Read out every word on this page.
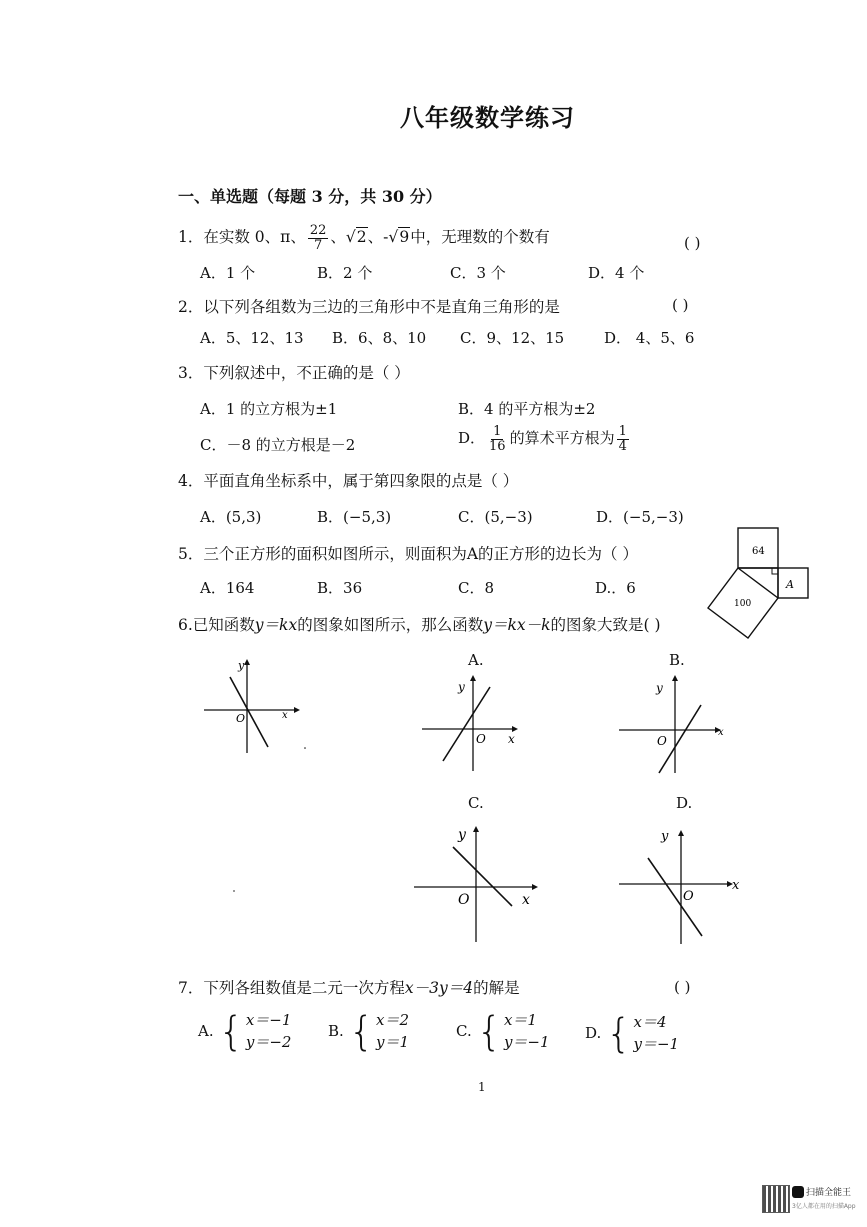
八年级数学练习
一、单选题（每题 3 分，共 30 分）
1．在实数 0、π、 $\frac{22}{7}$ 、√2、-√9中，无理数的个数有	( )
A．1 个	B．2 个	C．3 个	D．4 个
2．以下列各组数为三边的三角形中不是直角三角形的是	( )
A．5、12、13 B．6、8、10 C．9、12、15	D． 4、5、6
3．下列叙述中，不正确的是（ ）
A．1 的立方根为±1	B．4 的平方根为±2
C．－8 的立方根是－2	D． $\frac{1}{16}$ 的算术平方根为 $\frac{1}{4}$
4．平面直角坐标系中，属于第四象限的点是（ ）
A．(5,3)	B．(−5,3)	C．(5,−3)	D．(−5,−3)
5．三个正方形的面积如图所示，则面积为A的正方形的边长为（ ）
A．164	B．36	C．8	D.．6
64
A
100
6.已知函数y＝kx的图象如图所示，那么函数y＝kx－k的图象大致是( )
y
O	x
A.
y
O x
B.
y
O
x
C.
y
O	x
D.
y
O
x
7．下列各组数值是二元一次方程x－3y＝4的解是	( )
A. { x＝−1
y＝−2
B. { x＝2
y＝1
C. { x＝1
y＝−1 D. { x＝4
y＝−1
1
扫描全能王
3亿人都在用的扫描App
